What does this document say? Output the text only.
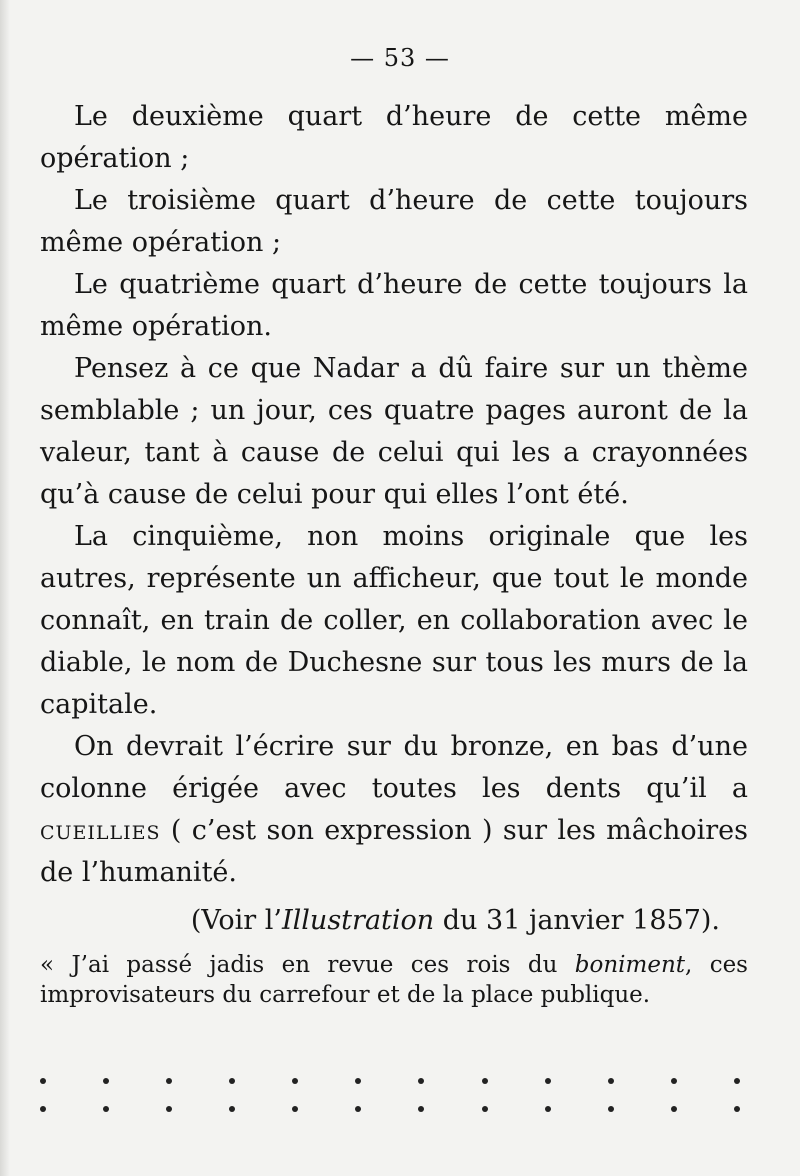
— 53 —

Le deuxième quart d’heure de cette même opération ;

Le troisième quart d’heure de cette toujours même opération ;

Le quatrième quart d’heure de cette toujours la même opération.

Pensez à ce que Nadar a dû faire sur un thème semblable ; un jour, ces quatre pages auront de la valeur, tant à cause de celui qui les a crayonnées qu’à cause de celui pour qui elles l’ont été.

La cinquième, non moins originale que les autres, représente un afficheur, que tout le monde connaît, en train de coller, en collaboration avec le diable, le nom de Duchesne sur tous les murs de la capitale.

On devrait l’écrire sur du bronze, en bas d’une colonne érigée avec toutes les dents qu’il a cueillies ( c’est son expression ) sur les mâchoires de l’humanité.

(Voir l’Illustration du 31 janvier 1857).

« J’ai passé jadis en revue ces rois du boniment, ces improvisateurs du carrefour et de la place publique.
